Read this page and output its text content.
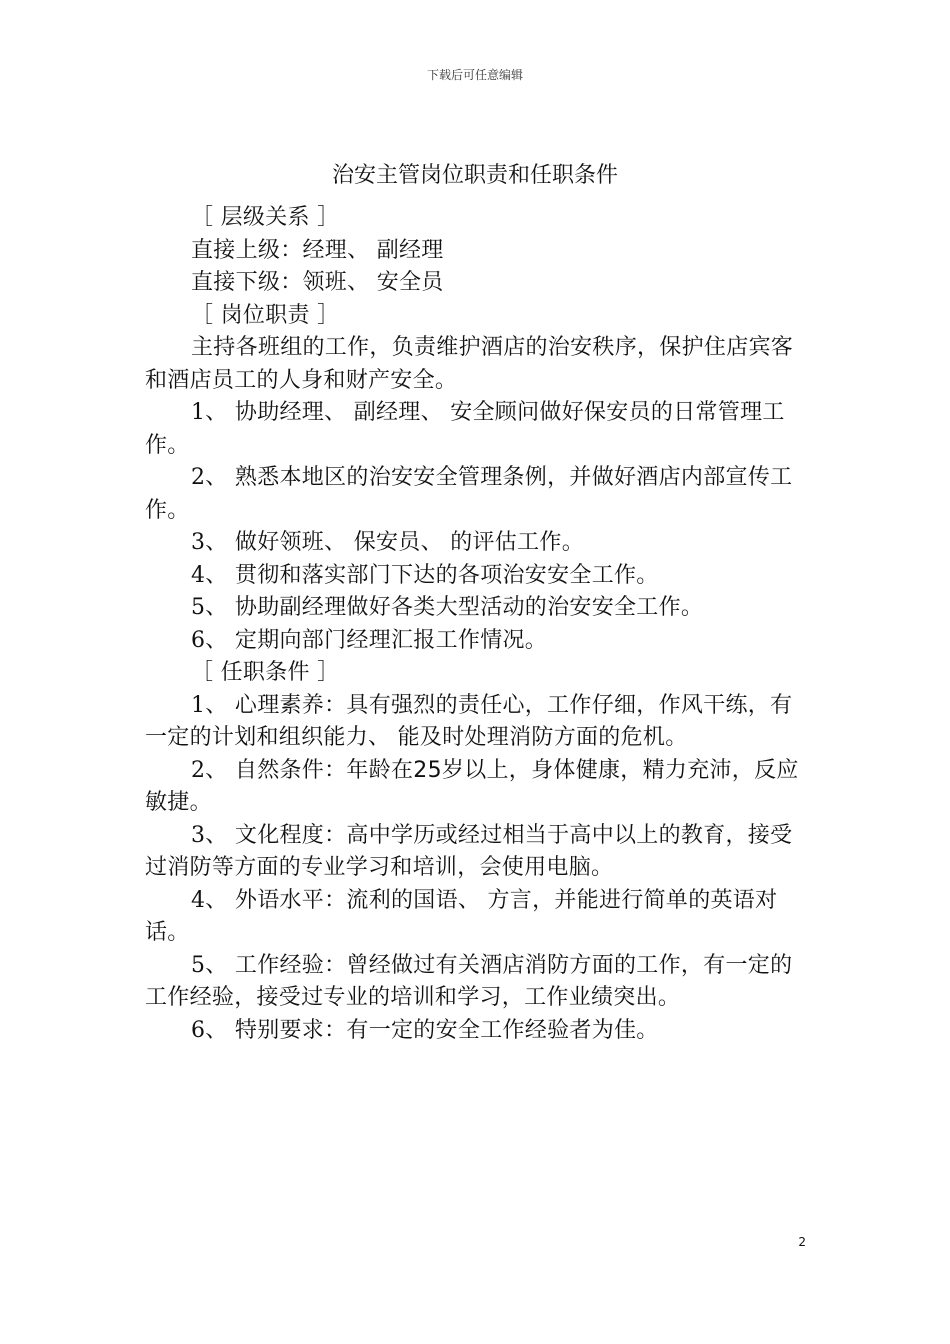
下载后可任意编辑
治安主管岗位职责和任职条件

［ 层级关系 ］

直接上级：经理、 副经理

直接下级：领班、 安全员

［ 岗位职责 ］

主持各班组的工作，负责维护酒店的治安秩序，保护住店宾客和酒店员工的人身和财产安全。

1、 协助经理、 副经理、 安全顾问做好保安员的日常管理工作。

2、 熟悉本地区的治安安全管理条例，并做好酒店内部宣传工作。

3、 做好领班、 保安员、 的评估工作。

4、 贯彻和落实部门下达的各项治安安全工作。

5、 协助副经理做好各类大型活动的治安安全工作。

6、 定期向部门经理汇报工作情况。

［ 任职条件 ］

1、 心理素养：具有强烈的责任心，工作仔细，作风干练，有一定的计划和组织能力、 能及时处理消防方面的危机。

2、 自然条件：年龄在25岁以上，身体健康，精力充沛，反应敏捷。

3、 文化程度：高中学历或经过相当于高中以上的教育，接受过消防等方面的专业学习和培训，会使用电脑。

4、 外语水平：流利的国语、 方言，并能进行简单的英语对话。

5、 工作经验：曾经做过有关酒店消防方面的工作，有一定的工作经验，接受过专业的培训和学习，工作业绩突出。

6、 特别要求：有一定的安全工作经验者为佳。

2
